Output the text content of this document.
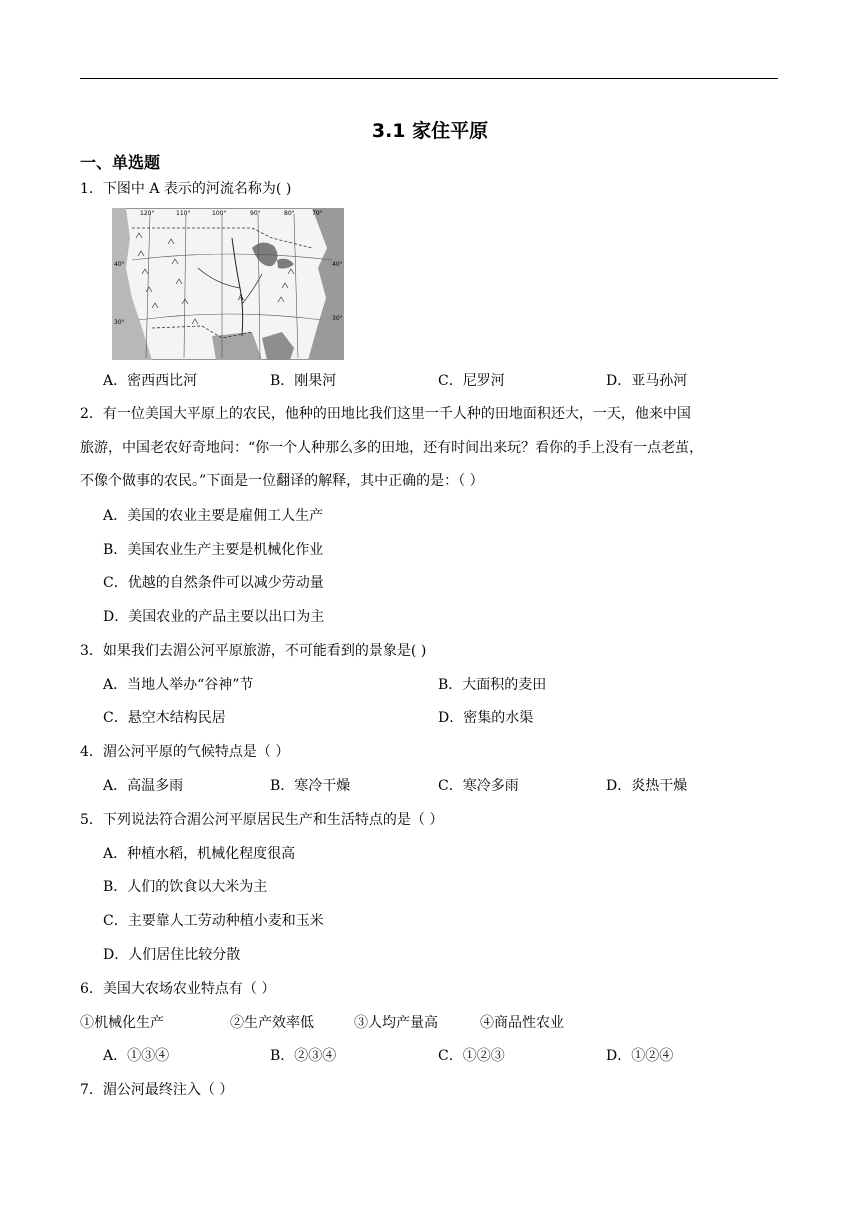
3.1 家住平原
一、单选题
1．下图中 A 表示的河流名称为( )
120°	110°	100°	90°	80°	70°
40°
30°
40°
30°
A
A．密西西比河	B．刚果河	C．尼罗河	D．亚马孙河
2．有一位美国大平原上的农民，他种的田地比我们这里一千人种的田地面积还大，一天，他来中国
旅游，中国老农好奇地问：“你一个人种那么多的田地，还有时间出来玩？看你的手上没有一点老茧，
不像个做事的农民。”下面是一位翻译的解释，其中正确的是：（ ）
A．美国的农业主要是雇佣工人生产
B．美国农业生产主要是机械化作业
C．优越的自然条件可以减少劳动量
D．美国农业的产品主要以出口为主
3．如果我们去湄公河平原旅游，不可能看到的景象是( )
A．当地人举办“谷神”节	B．大面积的麦田
C．悬空木结构民居	D．密集的水渠
4．湄公河平原的气候特点是（ ）
A．高温多雨	B．寒冷干燥	C．寒冷多雨	D．炎热干燥
5．下列说法符合湄公河平原居民生产和生活特点的是（ ）
A．种植水稻，机械化程度很高
B．人们的饮食以大米为主
C．主要靠人工劳动种植小麦和玉米
D．人们居住比较分散
6．美国大农场农业特点有（ ）
①机械化生产	②生产效率低	③人均产量高	④商品性农业
A．①③④	B．②③④	C．①②③	D．①②④
7．湄公河最终注入（ ）
